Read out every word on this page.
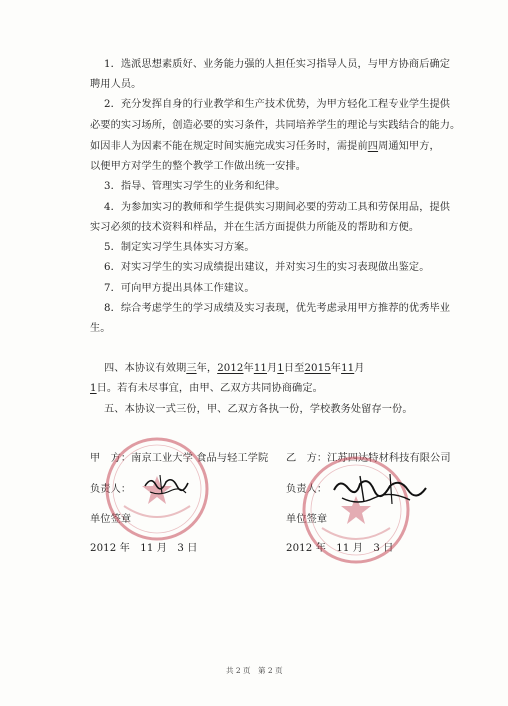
1．选派思想素质好、业务能力强的人担任实习指导人员，与甲方协商后确定
聘用人员。
2．充分发挥自身的行业教学和生产技术优势，为甲方轻化工程专业学生提供
必要的实习场所，创造必要的实习条件，共同培养学生的理论与实践结合的能力。
如因非人为因素不能在规定时间实施完成实习任务时，需提前四周通知甲方，
以便甲方对学生的整个教学工作做出统一安排。
3．指导、管理实习学生的业务和纪律。
4．为参加实习的教师和学生提供实习期间必要的劳动工具和劳保用品，提供
实习必须的技术资料和样品，并在生活方面提供力所能及的帮助和方便。
5．制定实习学生具体实习方案。
6．对实习学生的实习成绩提出建议，并对实习生的实习表现做出鉴定。
7．可向甲方提出具体工作建议。
8．综合考虑学生的学习成绩及实习表现，优先考虑录用甲方推荐的优秀毕业
生。
四、本协议有效期三年，2012年11月1日至2015年11月
1日。若有未尽事宜，由甲、乙双方共同协商确定。
五、本协议一式三份，甲、乙双方各执一份，学校教务处留存一份。
甲　方：南京工业大学 食品与轻工学院
负责人：
单位签章
2012 年　11 月　3 日
乙　方：江苏四达特材科技有限公司
负责人：
单位签章
2012 年　11 月　3 日
共 2 页　第 2 页
